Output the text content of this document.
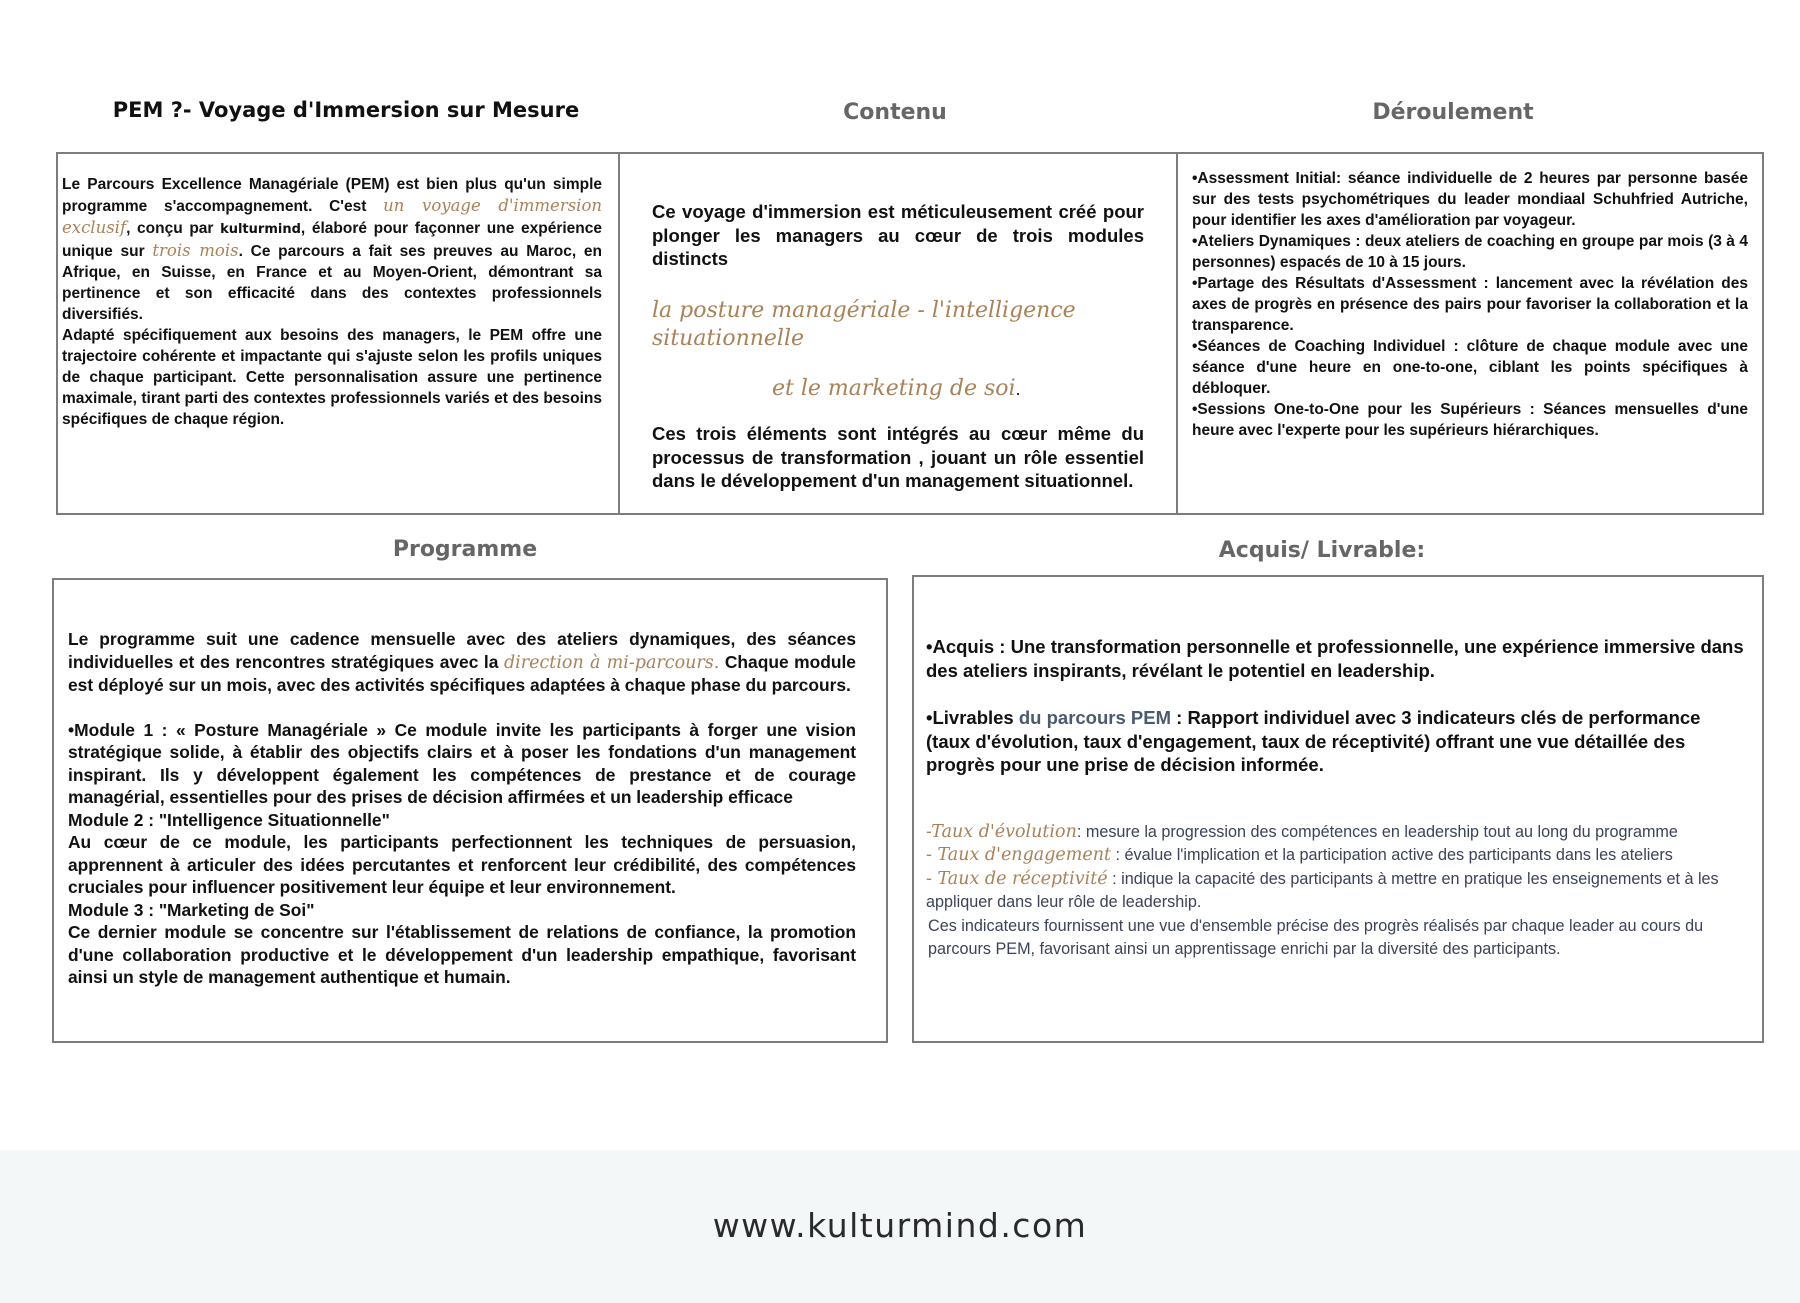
PEM ?- Voyage d'Immersion sur Mesure	Contenu	Déroulement

Le Parcours Excellence Managériale (PEM) est bien plus qu'un simple programme s'accompagnement. C'est un voyage d'immersion exclusif, conçu par kulturmind, élaboré pour façonner une expérience unique sur trois mois. Ce parcours a fait ses preuves au Maroc, en Afrique, en Suisse, en France et au Moyen-Orient, démontrant sa pertinence et son efficacité dans des contextes professionnels diversifiés.

Adapté spécifiquement aux besoins des managers, le PEM offre une trajectoire cohérente et impactante qui s'ajuste selon les profils uniques de chaque participant. Cette personnalisation assure une pertinence maximale, tirant parti des contextes professionnels variés et des besoins spécifiques de chaque région.

Ce voyage d'immersion est méticuleusement créé pour plonger les managers au cœur de trois modules distincts

la posture managériale - l'intelligence situationnelle

et le marketing de soi.

Ces trois éléments sont intégrés au cœur même du processus de transformation , jouant un rôle essentiel dans le développement d'un management situationnel.

•Assessment Initial: séance individuelle de 2 heures par personne basée sur des tests psychométriques du leader mondiaal Schuhfried Autriche, pour identifier les axes d'amélioration par voyageur.
•Ateliers Dynamiques : deux ateliers de coaching en groupe par mois (3 à 4 personnes) espacés de 10 à 15 jours.
•Partage des Résultats d'Assessment : lancement avec la révélation des axes de progrès en présence des pairs pour favoriser la collaboration et la transparence.
•Séances de Coaching Individuel : clôture de chaque module avec une séance d'une heure en one-to-one, ciblant les points spécifiques à débloquer.
•Sessions One-to-One pour les Supérieurs : Séances mensuelles d'une heure avec l'experte pour les supérieurs hiérarchiques.
Programme	Acquis/ Livrable:

Le programme suit une cadence mensuelle avec des ateliers dynamiques, des séances individuelles et des rencontres stratégiques avec la direction à mi-parcours. Chaque module est déployé sur un mois, avec des activités spécifiques adaptées à chaque phase du parcours.

•Module 1 : « Posture Managériale » Ce module invite les participants à forger une vision stratégique solide, à établir des objectifs clairs et à poser les fondations d'un management inspirant. Ils y développent également les compétences de prestance et de courage managérial, essentielles pour des prises de décision affirmées et un leadership efficace

Module 2 : "Intelligence Situationnelle"

Au cœur de ce module, les participants perfectionnent les techniques de persuasion, apprennent à articuler des idées percutantes et renforcent leur crédibilité, des compétences cruciales pour influencer positivement leur équipe et leur environnement.

Module 3 : "Marketing de Soi"

Ce dernier module se concentre sur l'établissement de relations de confiance, la promotion d'une collaboration productive et le développement d'un leadership empathique, favorisant ainsi un style de management authentique et humain.

•Acquis : Une transformation personnelle et professionnelle, une expérience immersive dans des ateliers inspirants, révélant le potentiel en leadership.

•Livrables du parcours PEM : Rapport individuel avec 3 indicateurs clés de performance (taux d'évolution, taux d'engagement, taux de réceptivité) offrant une vue détaillée des progrès pour une prise de décision informée.

-Taux d'évolution: mesure la progression des compétences en leadership tout au long du programme
- Taux d'engagement : évalue l'implication et la participation active des participants dans les ateliers
- Taux de réceptivité : indique la capacité des participants à mettre en pratique les enseignements et à les appliquer dans leur rôle de leadership.
Ces indicateurs fournissent une vue d'ensemble précise des progrès réalisés par chaque leader au cours du parcours PEM, favorisant ainsi un apprentissage enrichi par la diversité des participants.
www.kulturmind.com
